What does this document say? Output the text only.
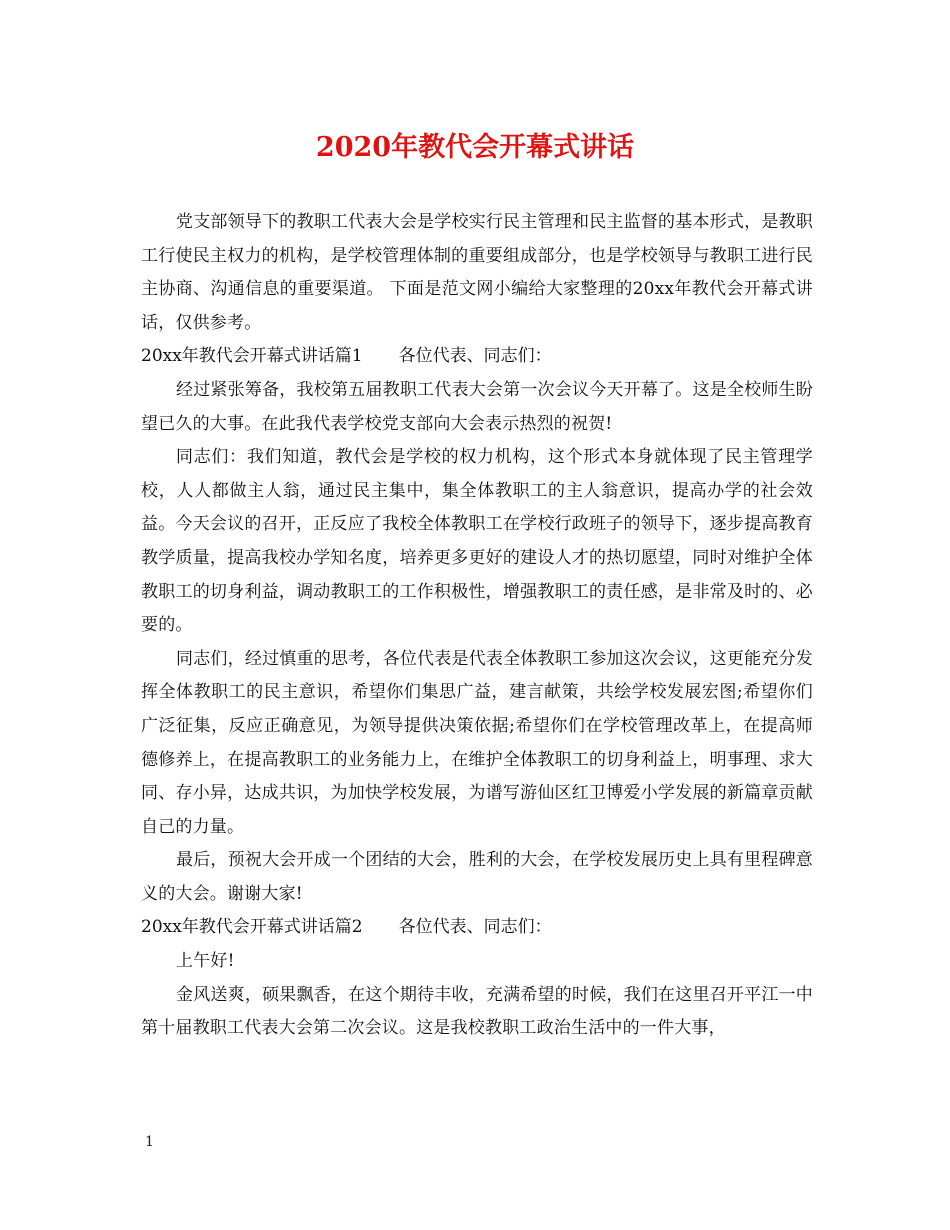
2020年教代会开幕式讲话

党支部领导下的教职工代表大会是学校实行民主管理和民主监督的基本形式，是教职工行使民主权力的机构，是学校管理体制的重要组成部分，也是学校领导与教职工进行民主协商、沟通信息的重要渠道。 下面是范文网小编给大家整理的20xx年教代会开幕式讲话，仅供参考。

20xx年教代会开幕式讲话篇1 各位代表、同志们：

经过紧张筹备，我校第五届教职工代表大会第一次会议今天开幕了。这是全校师生盼望已久的大事。在此我代表学校党支部向大会表示热烈的祝贺!

同志们：我们知道，教代会是学校的权力机构，这个形式本身就体现了民主管理学校，人人都做主人翁，通过民主集中，集全体教职工的主人翁意识，提高办学的社会效益。今天会议的召开，正反应了我校全体教职工在学校行政班子的领导下，逐步提高教育教学质量，提高我校办学知名度，培养更多更好的建设人才的热切愿望，同时对维护全体教职工的切身利益，调动教职工的工作积极性，增强教职工的责任感，是非常及时的、必要的。

同志们，经过慎重的思考，各位代表是代表全体教职工参加这次会议，这更能充分发挥全体教职工的民主意识，希望你们集思广益，建言献策，共绘学校发展宏图;希望你们广泛征集，反应正确意见，为领导提供决策依据;希望你们在学校管理改革上，在提高师德修养上，在提高教职工的业务能力上，在维护全体教职工的切身利益上，明事理、求大同、存小异，达成共识，为加快学校发展，为谱写游仙区红卫博爱小学发展的新篇章贡献自己的力量。

最后，预祝大会开成一个团结的大会，胜利的大会，在学校发展历史上具有里程碑意义的大会。谢谢大家!

20xx年教代会开幕式讲话篇2 各位代表、同志们：

上午好!

金风送爽，硕果飘香，在这个期待丰收，充满希望的时候，我们在这里召开平江一中第十届教职工代表大会第二次会议。这是我校教职工政治生活中的一件大事，

1
